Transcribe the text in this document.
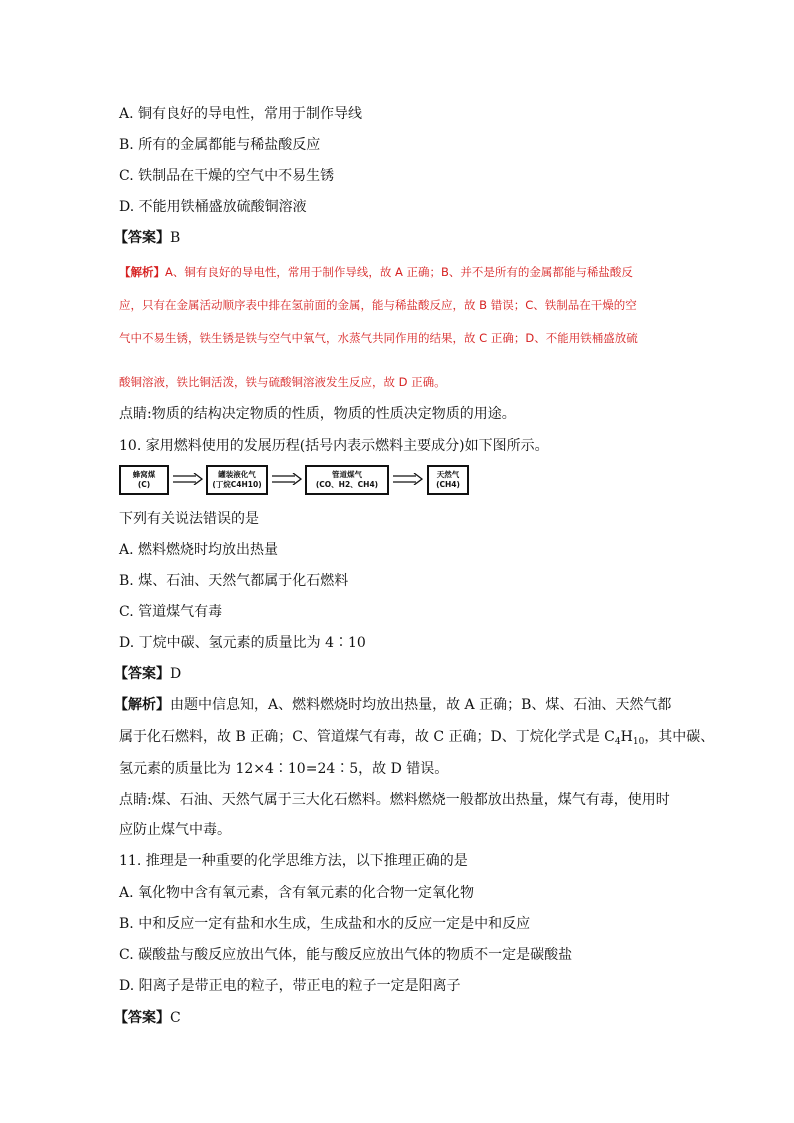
A. 铜有良好的导电性，常用于制作导线
B. 所有的金属都能与稀盐酸反应
C. 铁制品在干燥的空气中不易生锈
D. 不能用铁桶盛放硫酸铜溶液
【答案】B
【解析】A、铜有良好的导电性，常用于制作导线，故 A 正确；B、并不是所有的金属都能与稀盐酸反
应，只有在金属活动顺序表中排在氢前面的金属，能与稀盐酸反应，故 B 错误；C、铁制品在干燥的空
气中不易生锈，铁生锈是铁与空气中氧气，水蒸气共同作用的结果，故 C 正确；D、不能用铁桶盛放硫
酸铜溶液，铁比铜活泼，铁与硫酸铜溶液发生反应，故 D 正确。
点睛:物质的结构决定物质的性质，物质的性质决定物质的用途。
10. 家用燃料使用的发展历程(括号内表示燃料主要成分)如下图所示。
蜂窝煤
(C)
罐装液化气
(丁烷C4H10)
管道煤气
(CO、H2、CH4)
天然气
(CH4)
下列有关说法错误的是
A. 燃料燃烧时均放出热量
B. 煤、石油、天然气都属于化石燃料
C. 管道煤气有毒
D. 丁烷中碳、氢元素的质量比为 4∶10
【答案】D
【解析】由题中信息知，A、燃料燃烧时均放出热量，故 A 正确；B、煤、石油、天然气都
属于化石燃料，故 B 正确；C、管道煤气有毒，故 C 正确；D、丁烷化学式是 $C_4H_{10}$，其中碳、
氢元素的质量比为 12×4∶10=24∶5，故 D 错误。
点睛:煤、石油、天然气属于三大化石燃料。燃料燃烧一般都放出热量，煤气有毒，使用时
应防止煤气中毒。
11. 推理是一种重要的化学思维方法，以下推理正确的是
A. 氧化物中含有氧元素，含有氧元素的化合物一定氧化物
B. 中和反应一定有盐和水生成，生成盐和水的反应一定是中和反应
C. 碳酸盐与酸反应放出气体，能与酸反应放出气体的物质不一定是碳酸盐
D. 阳离子是带正电的粒子，带正电的粒子一定是阳离子
【答案】C
